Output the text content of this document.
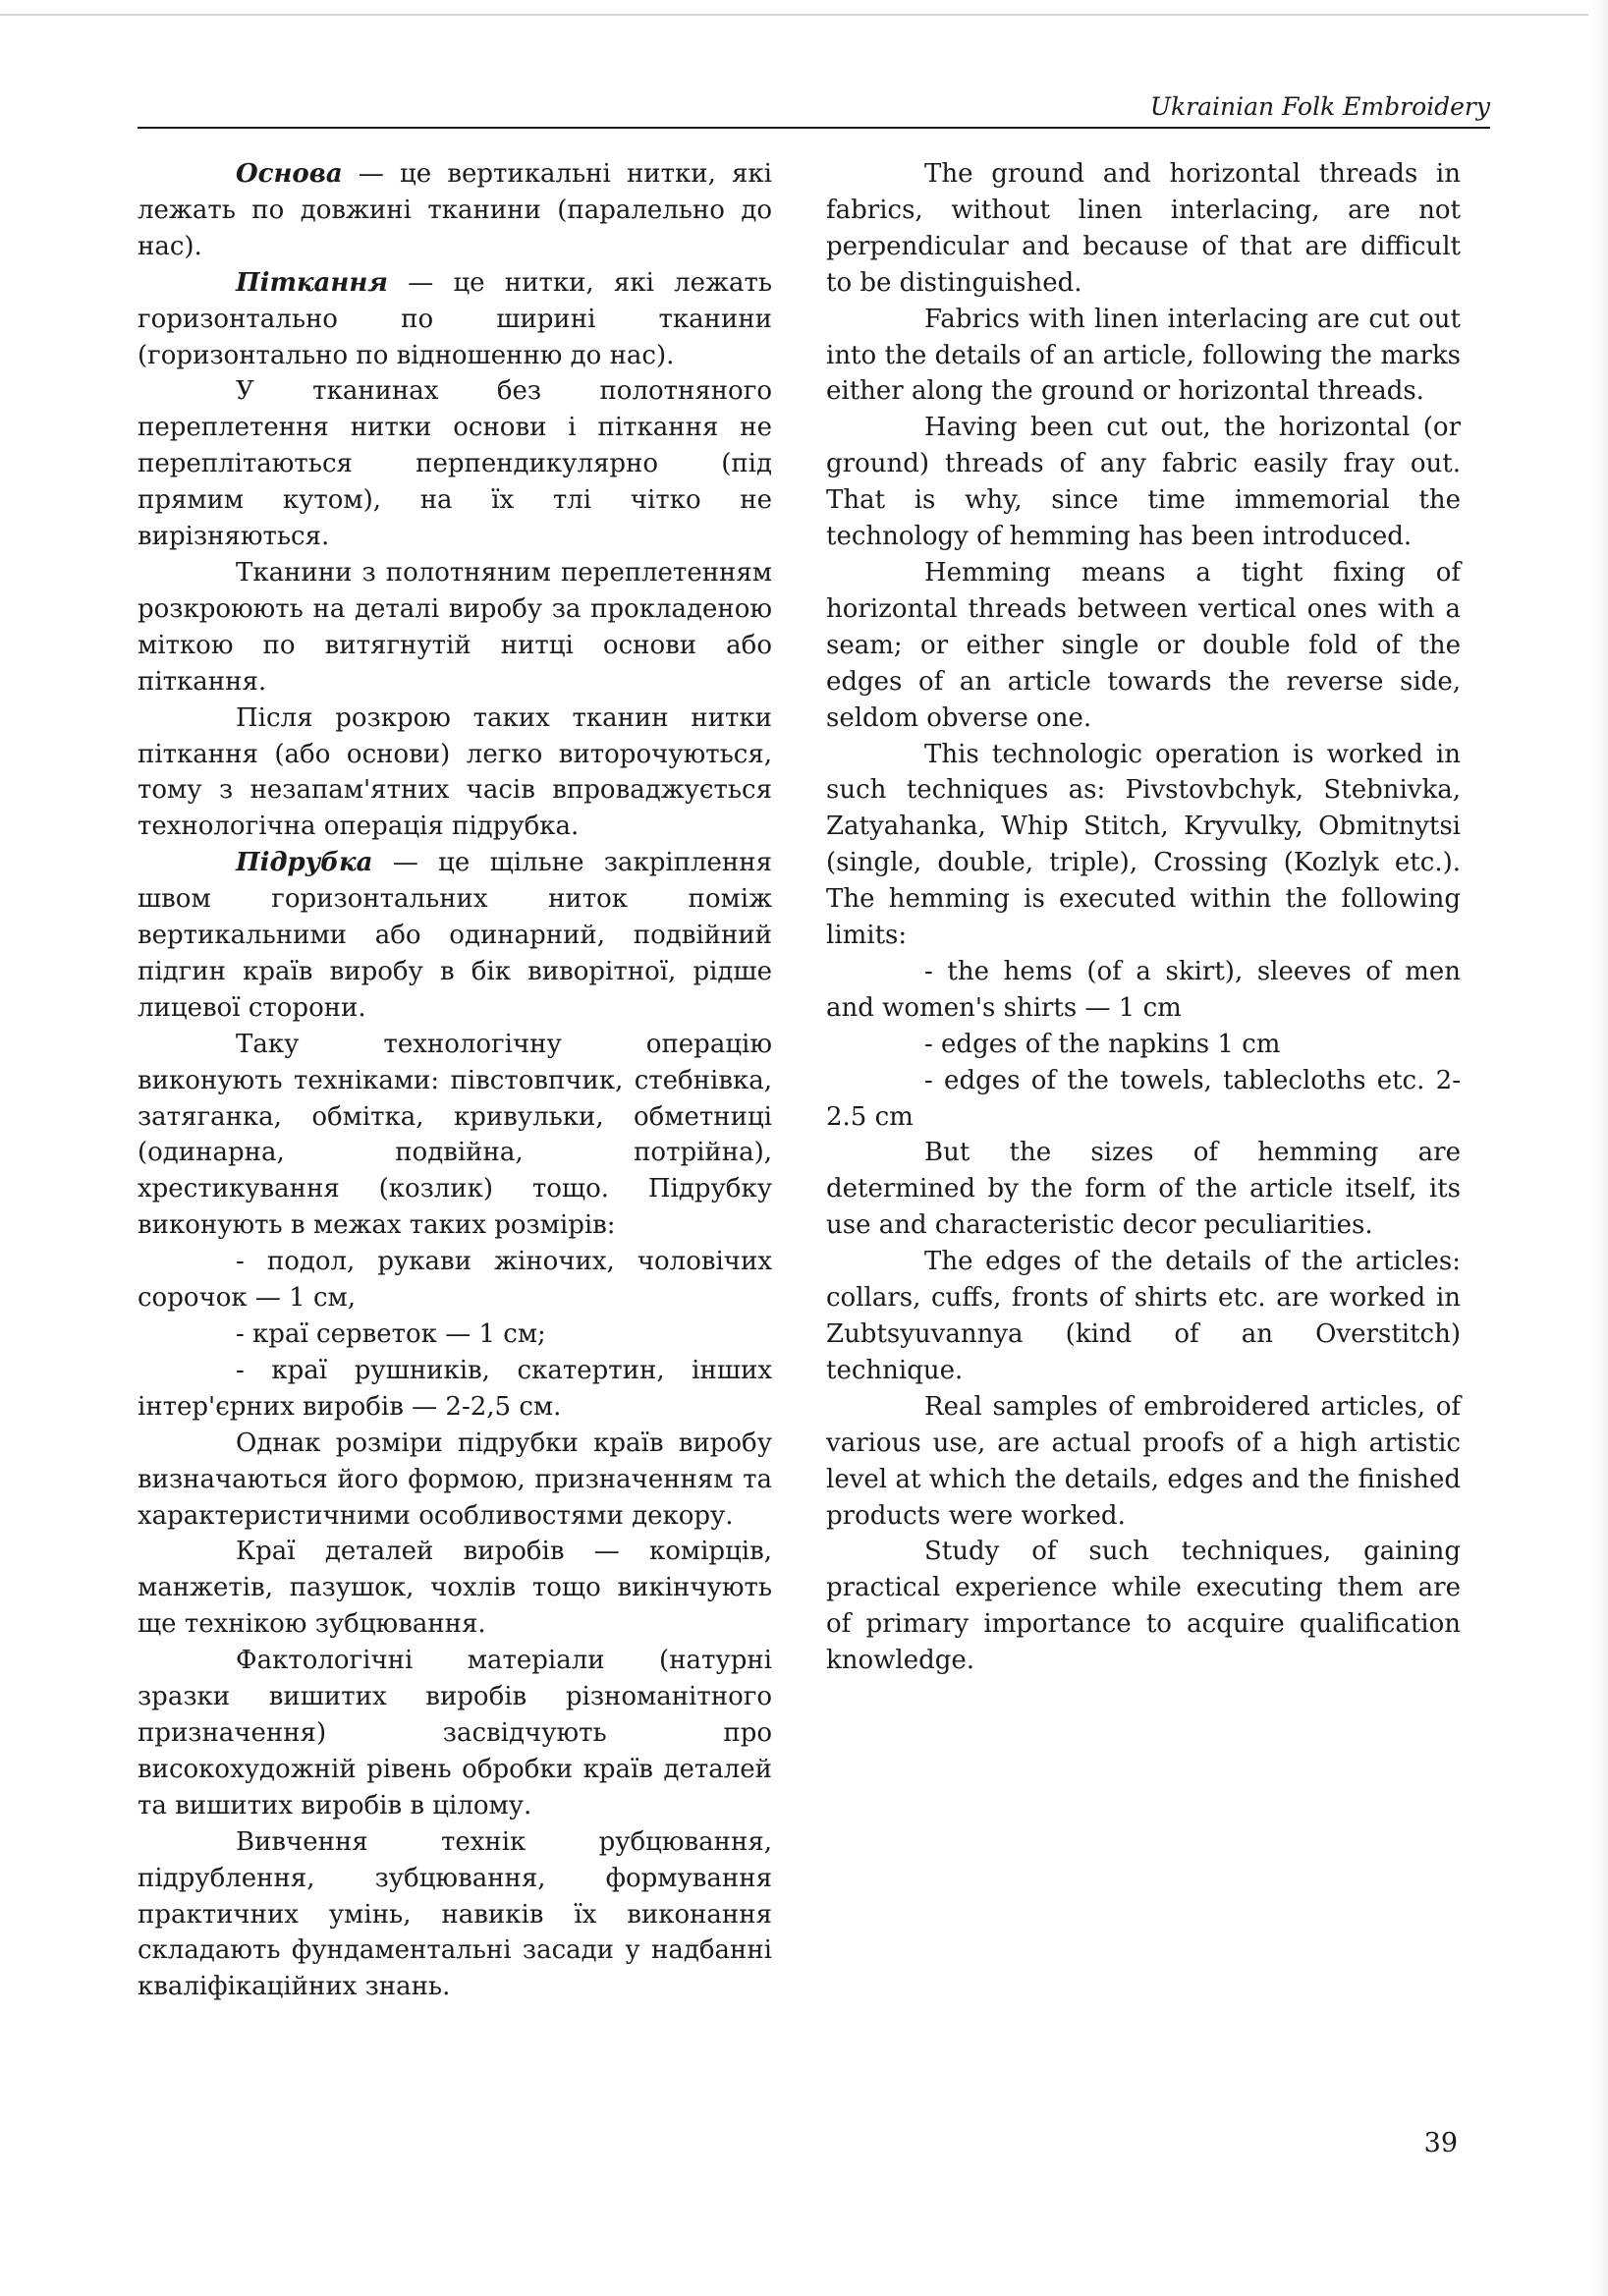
Ukrainian Folk Embroidery

Основа — це вертикальні нитки, які лежать по довжині тканини (паралельно до нас).

Піткання — це нитки, які лежать горизонтально по ширині тканини (горизонтально по відношенню до нас).

У тканинах без полотняного переплетення нитки основи і піткання не переплітаються перпендикулярно (під прямим кутом), на їх тлі чітко не вирізняються.

Тканини з полотняним переплетенням розкроюють на деталі виробу за прокладеною міткою по витягнутій нитці основи або піткання.

Після розкрою таких тканин нитки піткання (або основи) легко виторочуються, тому з незапам'ятних часів впроваджується технологічна операція підрубка.

Підрубка — це щільне закріплення швом горизонтальних ниток поміж вертикальними або одинарний, подвійний підгин країв виробу в бік виворітної, рідше лицевої сторони.

Таку технологічну операцію виконують техніками: півстовпчик, стебнівка, затяганка, обмітка, кривульки, обметниці (одинарна, подвійна, потрійна), хрестикування (козлик) тощо. Підрубку виконують в межах таких розмірів:

- подол, рукави жіночих, чоловічих сорочок — 1 см,

- краї серветок — 1 см;

- краї рушників, скатертин, інших інтер'єрних виробів — 2-2,5 см.

Однак розміри підрубки країв виробу визначаються його формою, призначенням та характеристичними особливостями декору.

Краї деталей виробів — комірців, манжетів, пазушок, чохлів тощо викінчують ще технікою зубцювання.

Фактологічні матеріали (натурні зразки вишитих виробів різноманітного призначення) засвідчують про високохудожній рівень обробки країв деталей та вишитих виробів в цілому.

Вивчення технік рубцювання, підрублення, зубцювання, формування практичних умінь, навиків їх виконання складають фундаментальні засади у надбанні кваліфікаційних знань.

The ground and horizontal threads in fabrics, without linen interlacing, are not perpendicular and because of that are difficult to be distinguished.

Fabrics with linen interlacing are cut out into the details of an article, following the marks either along the ground or horizontal threads.

Having been cut out, the horizontal (or ground) threads of any fabric easily fray out. That is why, since time immemorial the technology of hemming has been introduced.

Hemming means a tight fixing of horizontal threads between vertical ones with a seam; or either single or double fold of the edges of an article towards the reverse side, seldom obverse one.

This technologic operation is worked in such techniques as: Pivstovbchyk, Stebnivka, Zatyahanka, Whip Stitch, Kryvulky, Obmitnytsi (single, double, triple), Crossing (Kozlyk etc.). The hemming is executed within the following limits:

- the hems (of a skirt), sleeves of men and women's shirts — 1 cm

- edges of the napkins 1 cm

- edges of the towels, tablecloths etc. 2-2.5 cm

But the sizes of hemming are determined by the form of the article itself, its use and characteristic decor peculiarities.

The edges of the details of the articles: collars, cuffs, fronts of shirts etc. are worked in Zubtsyuvannya (kind of an Overstitch) technique.

Real samples of embroidered articles, of various use, are actual proofs of a high artistic level at which the details, edges and the finished products were worked.

Study of such techniques, gaining practical experience while executing them are of primary importance to acquire qualification knowledge.

39
